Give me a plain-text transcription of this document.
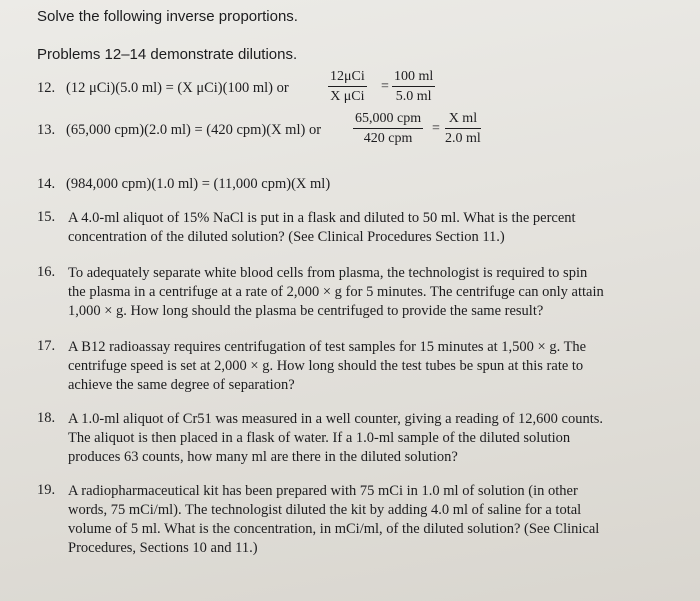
Solve the following inverse proportions.
Problems 12–14 demonstrate dilutions.
12. (12 μCi)(5.0 ml) = (X μCi)(100 ml) or
12μCi
X μCi
= $\frac{100 ml}{5.0 ml}$
13. (65,000 cpm)(2.0 ml) = (420 cpm)(X ml) or
65,000 cpm
420 cpm
= $\frac{\text{X ml}}{2.0 ml}$
14. (984,000 cpm)(1.0 ml) = (11,000 cpm)(X ml)
15. A 4.0-ml aliquot of 15% NaCl is put in a flask and diluted to 50 ml. What is the percent
concentration of the diluted solution? (See Clinical Procedures Section 11.)
16. To adequately separate white blood cells from plasma, the technologist is required to spin
the plasma in a centrifuge at a rate of 2,000 × g for 5 minutes. The centrifuge can only attain
1,000 × g. How long should the plasma be centrifuged to provide the same result?
17. A B12 radioassay requires centrifugation of test samples for 15 minutes at 1,500 × g. The
centrifuge speed is set at 2,000 × g. How long should the test tubes be spun at this rate to
achieve the same degree of separation?
18. A 1.0-ml aliquot of Cr51 was measured in a well counter, giving a reading of 12,600 counts.
The aliquot is then placed in a flask of water. If a 1.0-ml sample of the diluted solution
produces 63 counts, how many ml are there in the diluted solution?
19. A radiopharmaceutical kit has been prepared with 75 mCi in 1.0 ml of solution (in other
words, 75 mCi/ml). The technologist diluted the kit by adding 4.0 ml of saline for a total
volume of 5 ml. What is the concentration, in mCi/ml, of the diluted solution? (See Clinical
Procedures, Sections 10 and 11.)
